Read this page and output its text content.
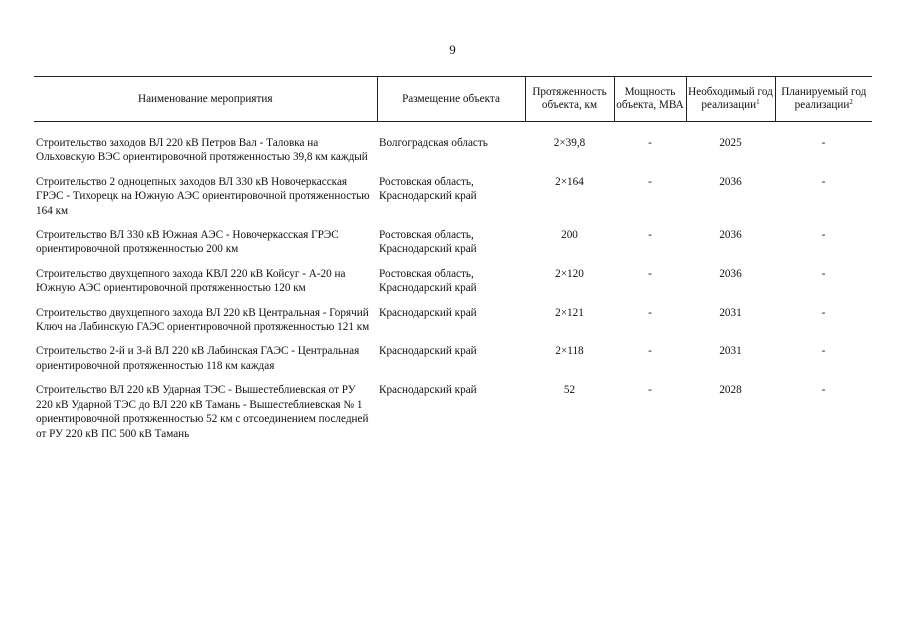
9
Наименование мероприятия	Размещение объекта	Протяженность объекта, км	Мощность объекта, МВА	Необходимый год реализации$^1$	Планируемый год реализации$^2$
Строительство заходов ВЛ 220 кВ Петров Вал - Таловка на Ольховскую ВЭС ориентировочной протяженностью 39,8 км каждый	Волгоградская область	2×39,8	-	2025	-
Строительство 2 одноцепных заходов ВЛ 330 кВ Новочеркасская ГРЭС - Тихорецк на Южную АЭС ориентировочной протяженностью 164 км	Ростовская область, Краснодарский край	2×164	-	2036	-
Строительство ВЛ 330 кВ Южная АЭС - Новочеркасская ГРЭС ориентировочной протяженностью 200 км	Ростовская область, Краснодарский край	200	-	2036	-
Строительство двухцепного захода КВЛ 220 кВ Койсуг - А-20 на Южную АЭС ориентировочной протяженностью 120 км	Ростовская область, Краснодарский край	2×120	-	2036	-
Строительство двухцепного захода ВЛ 220 кВ Центральная - Горячий Ключ на Лабинскую ГАЭС ориентировочной протяженностью 121 км	Краснодарский край	2×121	-	2031	-
Строительство 2-й и 3-й ВЛ 220 кВ Лабинская ГАЭС - Центральная ориентировочной протяженностью 118 км каждая	Краснодарский край	2×118	-	2031	-
Строительство ВЛ 220 кВ Ударная ТЭС - Вышестеблиевская от РУ 220 кВ Ударной ТЭС до ВЛ 220 кВ Тамань - Вышестеблиевская № 1 ориентировочной протяженностью 52 км с отсоединением последней от РУ 220 кВ ПС 500 кВ Тамань	Краснодарский край	52	-	2028	-
